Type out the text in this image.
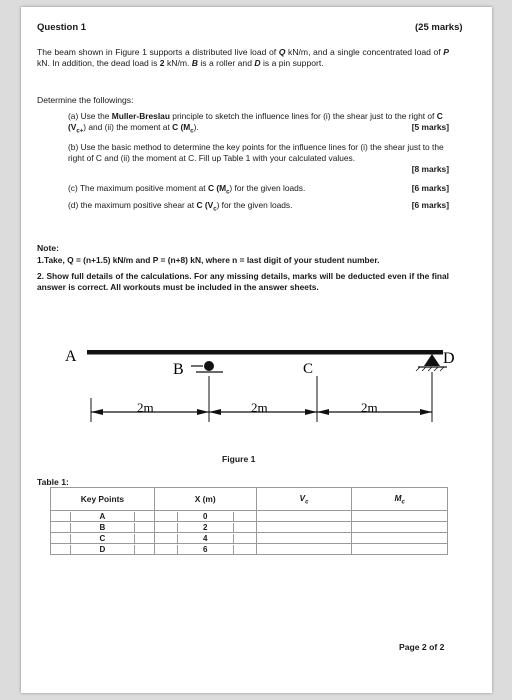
Question 1	(25 marks)

The beam shown in Figure 1 supports a distributed live load of Q kN/m, and a single concentrated load of P kN. In addition, the dead load is 2 kN/m. B is a roller and D is a pin support.

Determine the followings:
(a) Use the Muller-Breslau principle to sketch the influence lines for (i) the shear just to the right of C $(V_{c+})$ and (ii) the moment at C $(M_c)$.	[5 marks]
(b) Use the basic method to determine the key points for the influence lines for (i) the shear just to the right of C and (ii) the moment at C. Fill up Table 1 with your calculated values.
[8 marks]
(c) The maximum positive moment at C $(M_c)$ for the given loads.	[6 marks]
(d) the maximum positive shear at C $(V_c)$ for the given loads.	[6 marks]
Note:
1.Take, Q = (n+1.5) kN/m and P = (n+8) kN, where n = last digit of your student number.
2. Show full details of the calculations. For any missing details, marks will be deducted even if the final answer is correct. All workouts must be included in the answer sheets.
A
B	C
D
2m	2m	2m
Figure 1
Table 1:
Key Points	X (m)	$V_c$	$M_c$

A	0		

B	2		

C	4		

D	6		

Page 2 of 2
